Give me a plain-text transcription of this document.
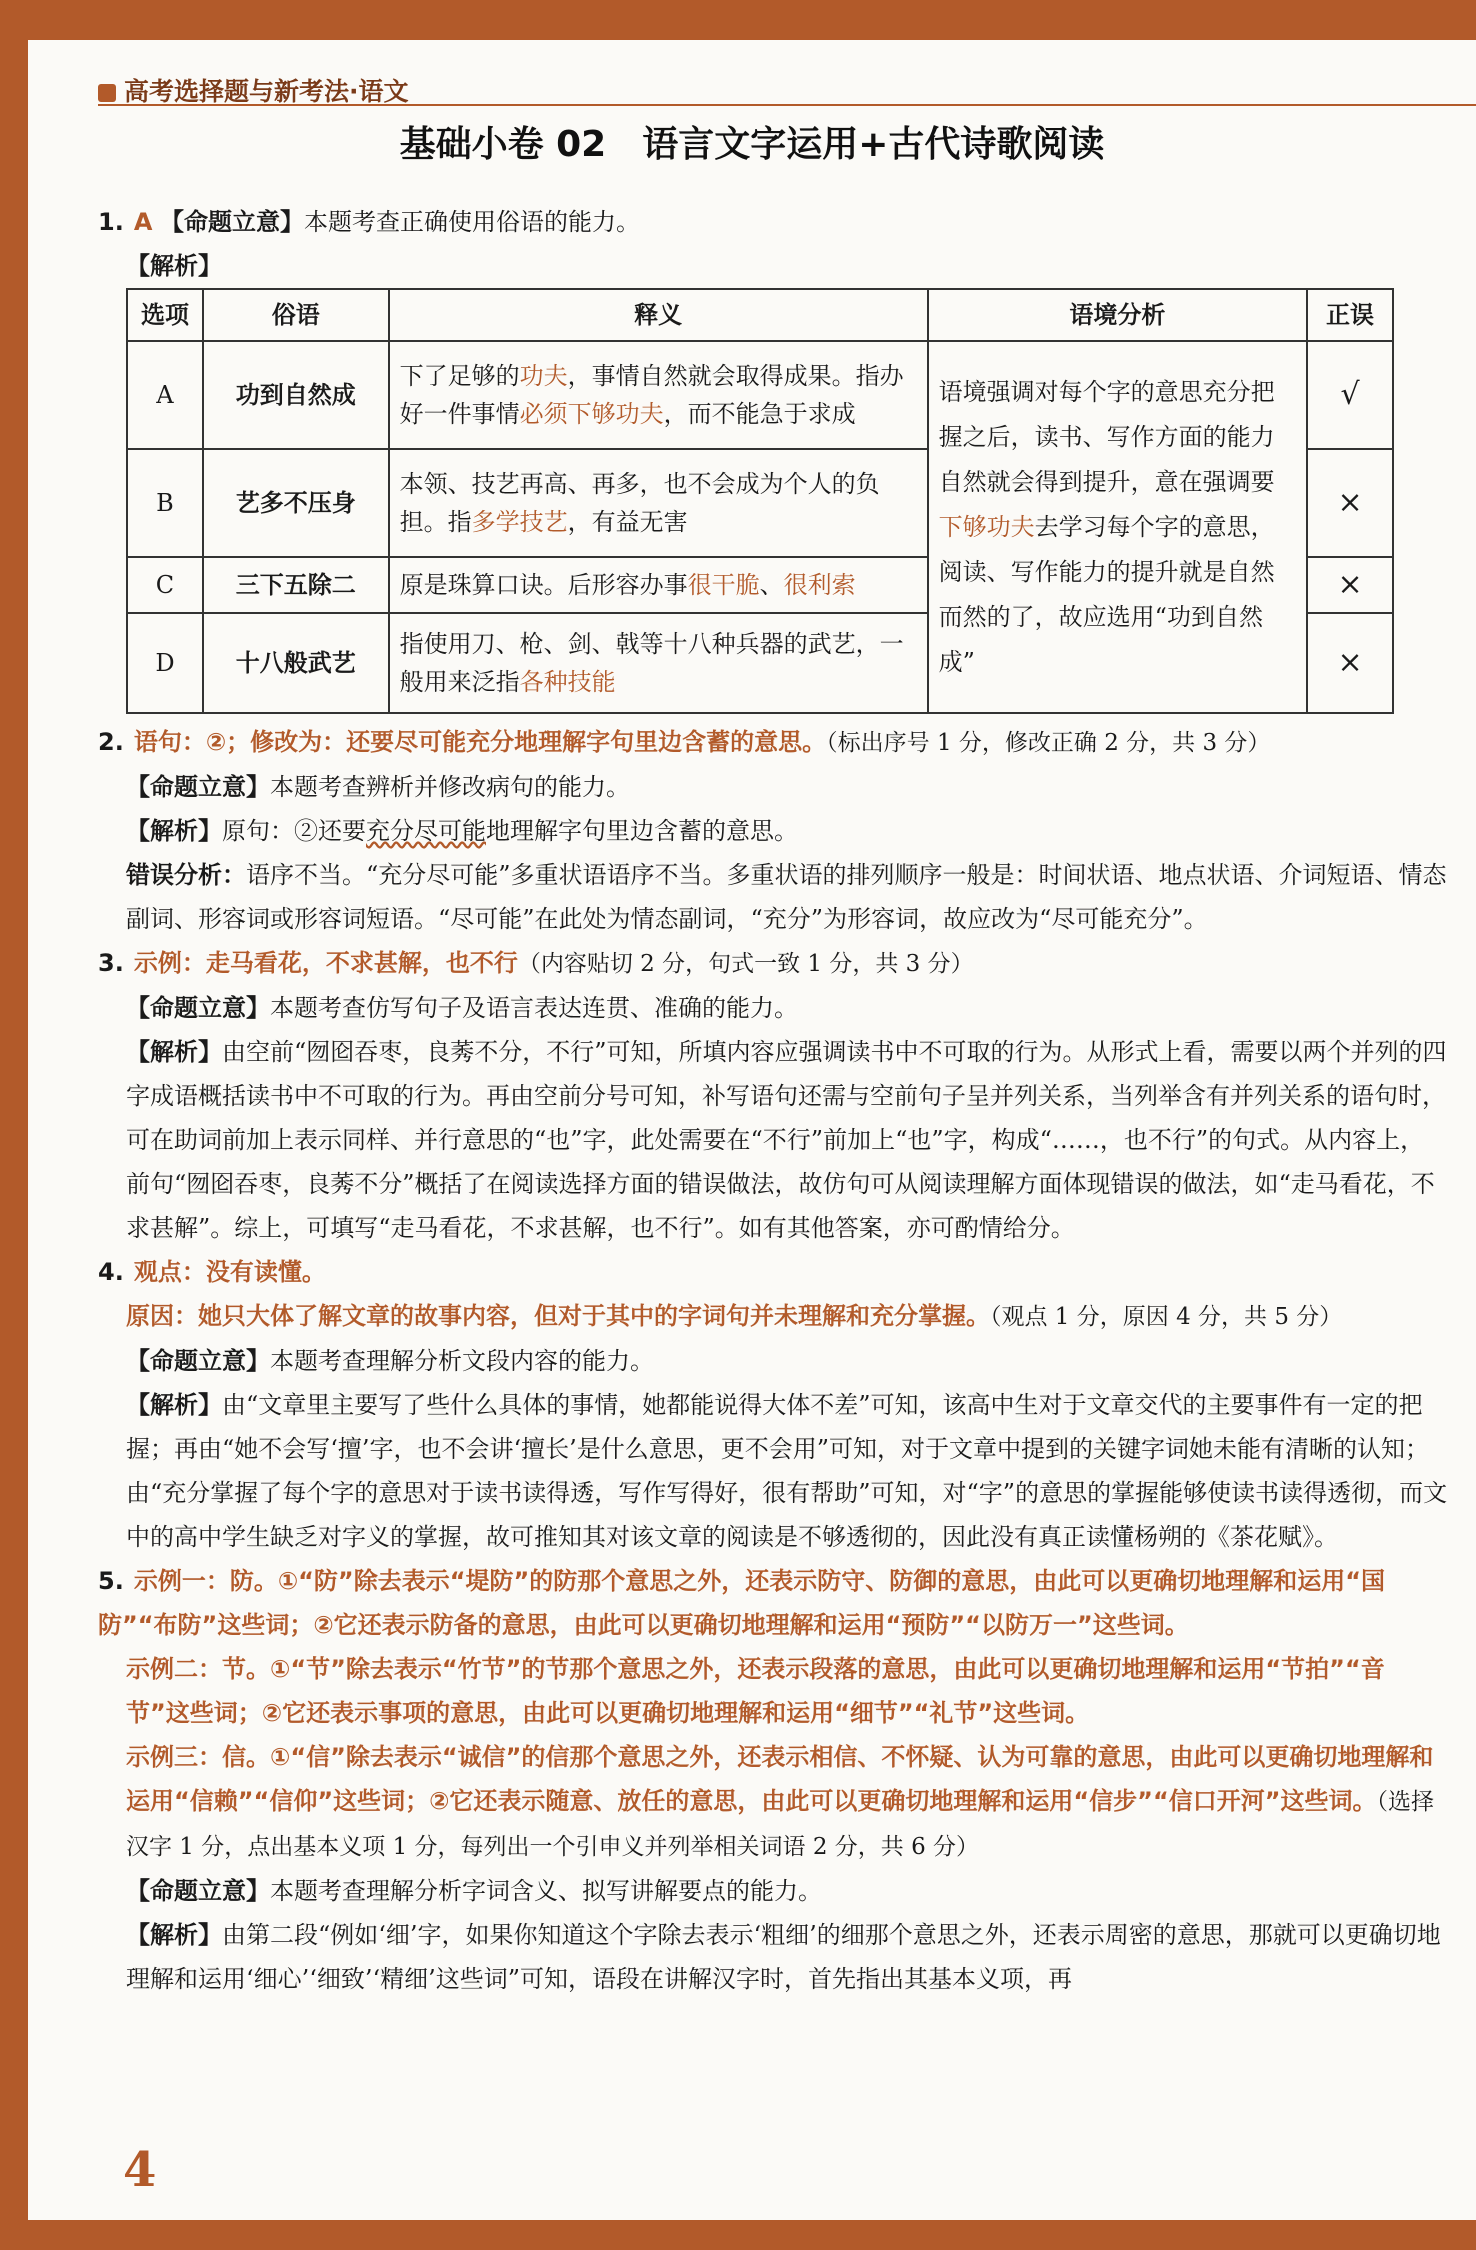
高考选择题与新考法·语文
基础小卷 02 语言文字运用+古代诗歌阅读
1. A 【命题立意】本题考查正确使用俗语的能力。
【解析】
选项	俗语	释义	语境分析	正误
A	功到自然成	下了足够的功夫，事情自然就会取得成果。指办好一件事情必须下够功夫，而不能急于求成	语境强调对每个字的意思充分把握之后，读书、写作方面的能力自然就会得到提升，意在强调要下够功夫去学习每个字的意思，阅读、写作能力的提升就是自然而然的了，故应选用“功到自然成”	√
B	艺多不压身	本领、技艺再高、再多，也不会成为个人的负担。指多学技艺，有益无害		×
C	三下五除二	原是珠算口诀。后形容办事很干脆、很利索		×
D	十八般武艺	指使用刀、枪、剑、戟等十八种兵器的武艺，一般用来泛指各种技能		×
2. 语句：②；修改为：还要尽可能充分地理解字句里边含蓄的意思。（标出序号 1 分，修改正确 2 分，共 3 分）
【命题立意】本题考查辨析并修改病句的能力。
【解析】原句：②还要充分尽可能地理解字句里边含蓄的意思。
错误分析：语序不当。“充分尽可能”多重状语语序不当。多重状语的排列顺序一般是：时间状语、地点状语、介词短语、情态副词、形容词或形容词短语。“尽可能”在此处为情态副词，“充分”为形容词，故应改为“尽可能充分”。
3. 示例：走马看花，不求甚解，也不行（内容贴切 2 分，句式一致 1 分，共 3 分）
【命题立意】本题考查仿写句子及语言表达连贯、准确的能力。
【解析】由空前“囫囵吞枣，良莠不分，不行”可知，所填内容应强调读书中不可取的行为。从形式上看，需要以两个并列的四字成语概括读书中不可取的行为。再由空前分号可知，补写语句还需与空前句子呈并列关系，当列举含有并列关系的语句时，可在助词前加上表示同样、并行意思的“也”字，此处需要在“不行”前加上“也”字，构成“……，也不行”的句式。从内容上，前句“囫囵吞枣，良莠不分”概括了在阅读选择方面的错误做法，故仿句可从阅读理解方面体现错误的做法，如“走马看花，不求甚解”。综上，可填写“走马看花，不求甚解，也不行”。如有其他答案，亦可酌情给分。
4. 观点：没有读懂。
原因：她只大体了解文章的故事内容，但对于其中的字词句并未理解和充分掌握。（观点 1 分，原因 4 分，共 5 分）
【命题立意】本题考查理解分析文段内容的能力。
【解析】由“文章里主要写了些什么具体的事情，她都能说得大体不差”可知，该高中生对于文章交代的主要事件有一定的把握；再由“她不会写‘擅’字，也不会讲‘擅长’是什么意思，更不会用”可知，对于文章中提到的关键字词她未能有清晰的认知；由“充分掌握了每个字的意思对于读书读得透，写作写得好，很有帮助”可知，对“字”的意思的掌握能够使读书读得透彻，而文中的高中学生缺乏对字义的掌握，故可推知其对该文章的阅读是不够透彻的，因此没有真正读懂杨朔的《茶花赋》。
5. 示例一：防。①“防”除去表示“堤防”的防那个意思之外，还表示防守、防御的意思，由此可以更确切地理解和运用“国防”“布防”这些词；②它还表示防备的意思，由此可以更确切地理解和运用“预防”“以防万一”这些词。
示例二：节。①“节”除去表示“竹节”的节那个意思之外，还表示段落的意思，由此可以更确切地理解和运用“节拍”“音节”这些词；②它还表示事项的意思，由此可以更确切地理解和运用“细节”“礼节”这些词。
示例三：信。①“信”除去表示“诚信”的信那个意思之外，还表示相信、不怀疑、认为可靠的意思，由此可以更确切地理解和运用“信赖”“信仰”这些词；②它还表示随意、放任的意思，由此可以更确切地理解和运用“信步”“信口开河”这些词。（选择汉字 1 分，点出基本义项 1 分，每列出一个引申义并列举相关词语 2 分，共 6 分）
【命题立意】本题考查理解分析字词含义、拟写讲解要点的能力。
【解析】由第二段“例如‘细’字，如果你知道这个字除去表示‘粗细’的细那个意思之外，还表示周密的意思，那就可以更确切地理解和运用‘细心’‘细致’‘精细’这些词”可知，语段在讲解汉字时，首先指出其基本义项，再
4
